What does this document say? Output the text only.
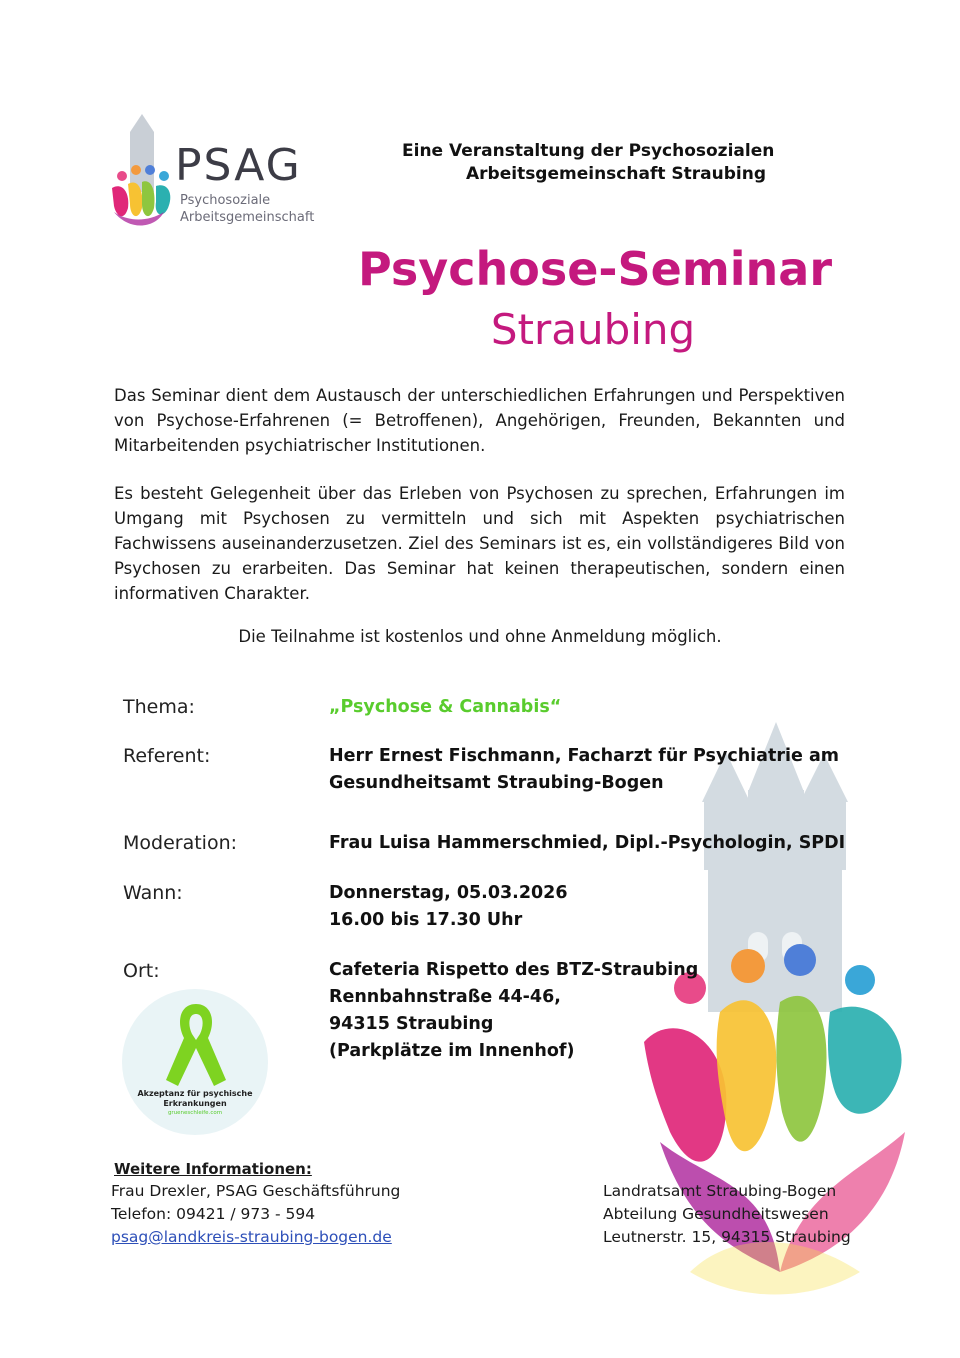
PSAG
Psychosoziale
Arbeitsgemeinschaft
Eine Veranstaltung der Psychosozialen
Arbeitsgemeinschaft Straubing
Psychose-Seminar
Straubing
Das Seminar dient dem Austausch der unterschiedlichen Erfahrungen und Perspektiven von Psychose-Erfahrenen (= Betroffenen), Angehörigen, Freunden, Bekannten und Mitarbeitenden psychiatrischer Institutionen.
Es besteht Gelegenheit über das Erleben von Psychosen zu sprechen, Erfahrungen im Umgang mit Psychosen zu vermitteln und sich mit Aspekten psychiatrischen Fachwissens auseinanderzusetzen. Ziel des Seminars ist es, ein vollständigeres Bild von Psychosen zu erarbeiten. Das Seminar hat keinen therapeutischen, sondern einen informativen Charakter.
Die Teilnahme ist kostenlos und ohne Anmeldung möglich.
Thema:	„Psychose & Cannabis“
Referent:	Herr Ernest Fischmann, Facharzt für Psychiatrie am
Gesundheitsamt Straubing-Bogen
Moderation:	Frau Luisa Hammerschmied, Dipl.-Psychologin, SPDI
Wann:	Donnerstag, 05.03.2026
16.00 bis 17.30 Uhr
Ort:	Cafeteria Rispetto des BTZ-Straubing
Rennbahnstraße 44-46,
94315 Straubing
(Parkplätze im Innenhof)
Akzeptanz für psychische
Erkrankungen
grueneschleife.com
Weitere Informationen:
Frau Drexler, PSAG Geschäftsführung
Telefon: 09421 / 973 - 594
psag@landkreis-straubing-bogen.de
Landratsamt Straubing-Bogen
Abteilung Gesundheitswesen
Leutnerstr. 15, 94315 Straubing
